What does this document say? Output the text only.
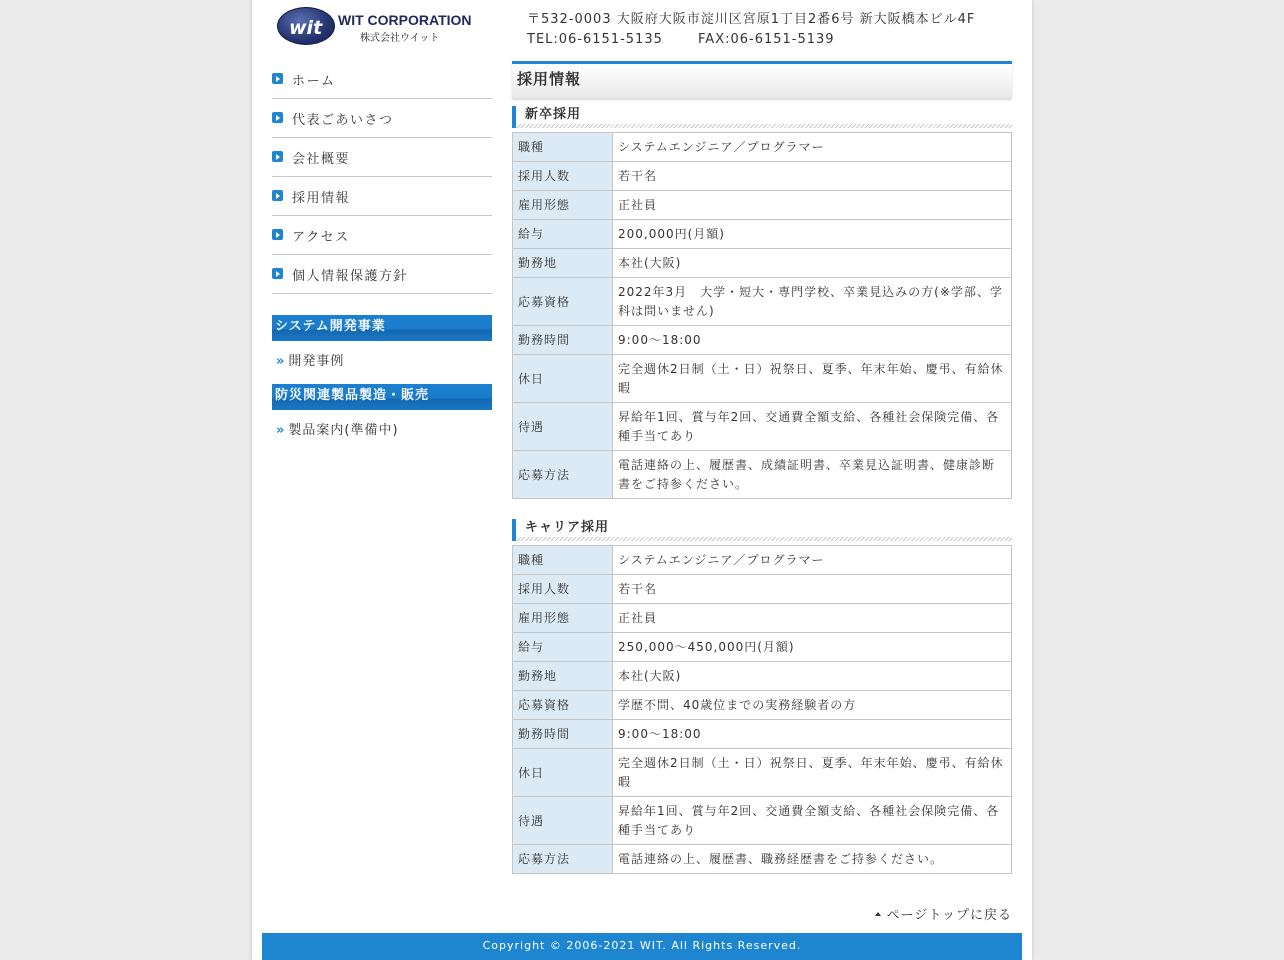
wit WIT CORPORATION
株式会社ウイット
〒532-0003 大阪府大阪市淀川区宮原1丁目2番6号 新大阪橋本ビル4F
TEL:06-6151-5135	FAX:06-6151-5139
ホーム
代表ごあいさつ
会社概要
採用情報
アクセス
個人情報保護方針
システム開発事業
» 開発事例
防災関連製品製造・販売
» 製品案内(準備中)
採用情報
新卒採用
職種	システムエンジニア／プログラマー
採用人数	若干名
雇用形態	正社員
給与	200,000円(月額)
勤務地	本社(大阪)
応募資格	2022年3月　大学・短大・専門学校、卒業見込みの方(※学部、学科は問いません)
勤務時間	9:00～18:00
休日	完全週休2日制（土・日）祝祭日、夏季、年末年始、慶弔、有給休暇
待遇	昇給年1回、賞与年2回、交通費全額支給、各種社会保険完備、各種手当てあり
応募方法	電話連絡の上、履歴書、成績証明書、卒業見込証明書、健康診断書をご持参ください。
キャリア採用
職種	システムエンジニア／プログラマー
採用人数	若干名
雇用形態	正社員
給与	250,000～450,000円(月額)
勤務地	本社(大阪)
応募資格	学歴不問、40歳位までの実務経験者の方
勤務時間	9:00～18:00
休日	完全週休2日制（土・日）祝祭日、夏季、年末年始、慶弔、有給休暇
待遇	昇給年1回、賞与年2回、交通費全額支給、各種社会保険完備、各種手当てあり
応募方法	電話連絡の上、履歴書、職務経歴書をご持参ください。
ページトップに戻る
Copyright © 2006-2021 WIT. All Rights Reserved.
